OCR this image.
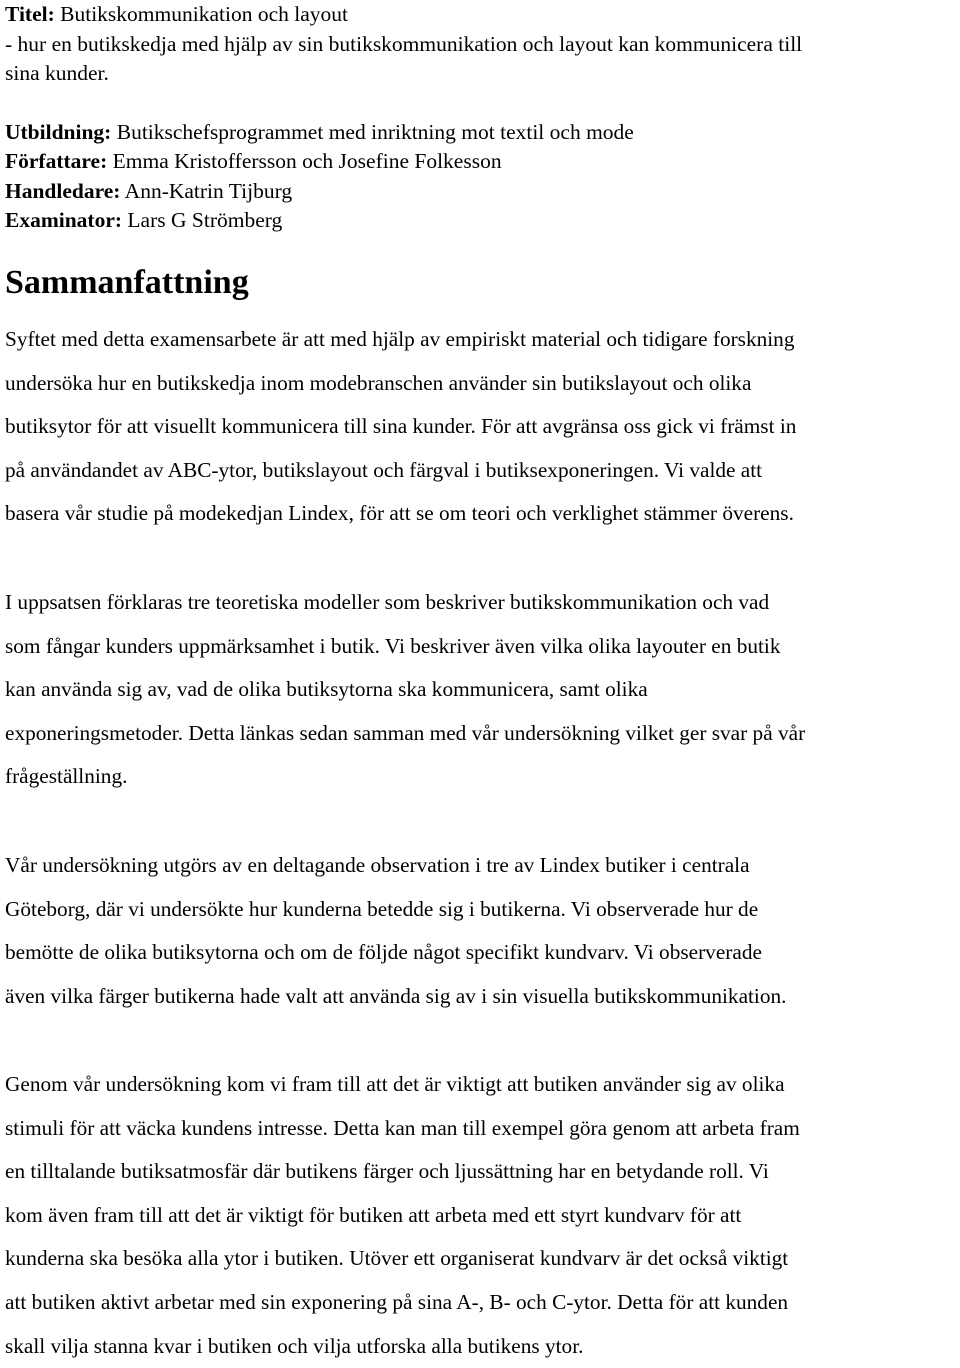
Titel: Butikskommunikation och layout
- hur en butikskedja med hjälp av sin butikskommunikation och layout kan kommunicera till
sina kunder.
Utbildning: Butikschefsprogrammet med inriktning mot textil och mode
Författare: Emma Kristoffersson och Josefine Folkesson
Handledare: Ann-Katrin Tijburg
Examinator: Lars G Strömberg
Sammanfattning

Syftet med detta examensarbete är att med hjälp av empiriskt material och tidigare forskning
undersöka hur en butikskedja inom modebranschen använder sin butikslayout och olika
butiksytor för att visuellt kommunicera till sina kunder. För att avgränsa oss gick vi främst in
på användandet av ABC-ytor, butikslayout och färgval i butiksexponeringen. Vi valde att
basera vår studie på modekedjan Lindex, för att se om teori och verklighet stämmer överens.

I uppsatsen förklaras tre teoretiska modeller som beskriver butikskommunikation och vad
som fångar kunders uppmärksamhet i butik. Vi beskriver även vilka olika layouter en butik
kan använda sig av, vad de olika butiksytorna ska kommunicera, samt olika
exponeringsmetoder. Detta länkas sedan samman med vår undersökning vilket ger svar på vår
frågeställning.

Vår undersökning utgörs av en deltagande observation i tre av Lindex butiker i centrala
Göteborg, där vi undersökte hur kunderna betedde sig i butikerna. Vi observerade hur de
bemötte de olika butiksytorna och om de följde något specifikt kundvarv. Vi observerade
även vilka färger butikerna hade valt att använda sig av i sin visuella butikskommunikation.

Genom vår undersökning kom vi fram till att det är viktigt att butiken använder sig av olika
stimuli för att väcka kundens intresse. Detta kan man till exempel göra genom att arbeta fram
en tilltalande butiksatmosfär där butikens färger och ljussättning har en betydande roll. Vi
kom även fram till att det är viktigt för butiken att arbeta med ett styrt kundvarv för att
kunderna ska besöka alla ytor i butiken. Utöver ett organiserat kundvarv är det också viktigt
att butiken aktivt arbetar med sin exponering på sina A-, B- och C-ytor. Detta för att kunden
skall vilja stanna kvar i butiken och vilja utforska alla butikens ytor.
